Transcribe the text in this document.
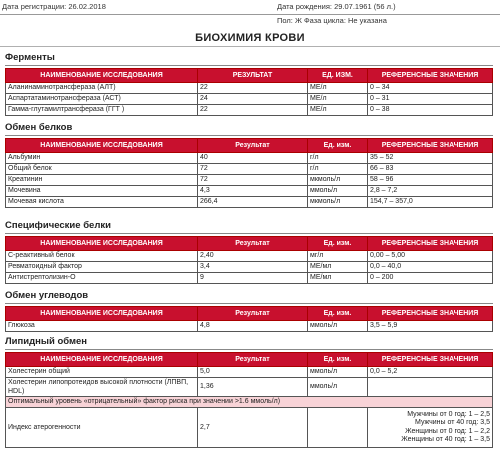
Дата регистрации: 26.02.2018	Дата рождения: 29.07.1961 (56 л.)
Пол: Ж Фаза цикла: Не указана
БИОХИМИЯ КРОВИ
Ферменты
НАИМЕНОВАНИЕ ИССЛЕДОВАНИЯ	РЕЗУЛЬТАТ	ЕД. ИЗМ.	РЕФЕРЕНСНЫЕ ЗНАЧЕНИЯ
Аланинаминотрансфераза (АЛТ)	22	МЕ/л	0 – 34
Аспартатаминотрансфераза (АСТ)	24	МЕ/л	0 – 31
Гамма-глутамилтрансфераза (ГГТ )	22	МЕ/л	0 – 38
Обмен белков
НАИМЕНОВАНИЕ ИССЛЕДОВАНИЯ	Результат	Ед. изм.	РЕФЕРЕНСНЫЕ ЗНАЧЕНИЯ
Альбумин	40	г/л	35 – 52
Общий белок	72	г/л	66 – 83
Креатинин	72	мкмоль/л	58 – 96
Мочевина	4,3	ммоль/л	2,8 – 7,2
Мочевая кислота	266,4	мкмоль/л	154,7 – 357,0
Специфические белки
НАИМЕНОВАНИЕ ИССЛЕДОВАНИЯ	Результат	Ед. изм.	РЕФЕРЕНСНЫЕ ЗНАЧЕНИЯ
С-реактивный белок	2,40	мг/л	0,00 – 5,00
Ревматоидный фактор	3,4	МЕ/мл	0,0 – 40,0
Антистрептолизин-О	9	МЕ/мл	0 – 200
Обмен углеводов
НАИМЕНОВАНИЕ ИССЛЕДОВАНИЯ	Результат	Ед. изм.	РЕФЕРЕНСНЫЕ ЗНАЧЕНИЯ
Глюкоза	4,8	ммоль/л	3,5 – 5,9
Липидный обмен
НАИМЕНОВАНИЕ ИССЛЕДОВАНИЯ	Результат	Ед. изм.	РЕФЕРЕНСНЫЕ ЗНАЧЕНИЯ
Холестерин общий	5,0	ммоль/л	0,0 – 5,2
Холестерин липопротеидов высокой плотности (ЛПВП, HDL)	1,36	ммоль/л	
Оптимальный уровень «отрицательный» фактор риска при значении >1.6 ммоль/л)			
Индекс атерогенности	2,7		Мужчины от 0 год: 1 – 2,5
Мужчины от 40 год: 3,5
Женщины от 0 год: 1 – 2,2
Женщины от 40 год: 1 – 3,5
